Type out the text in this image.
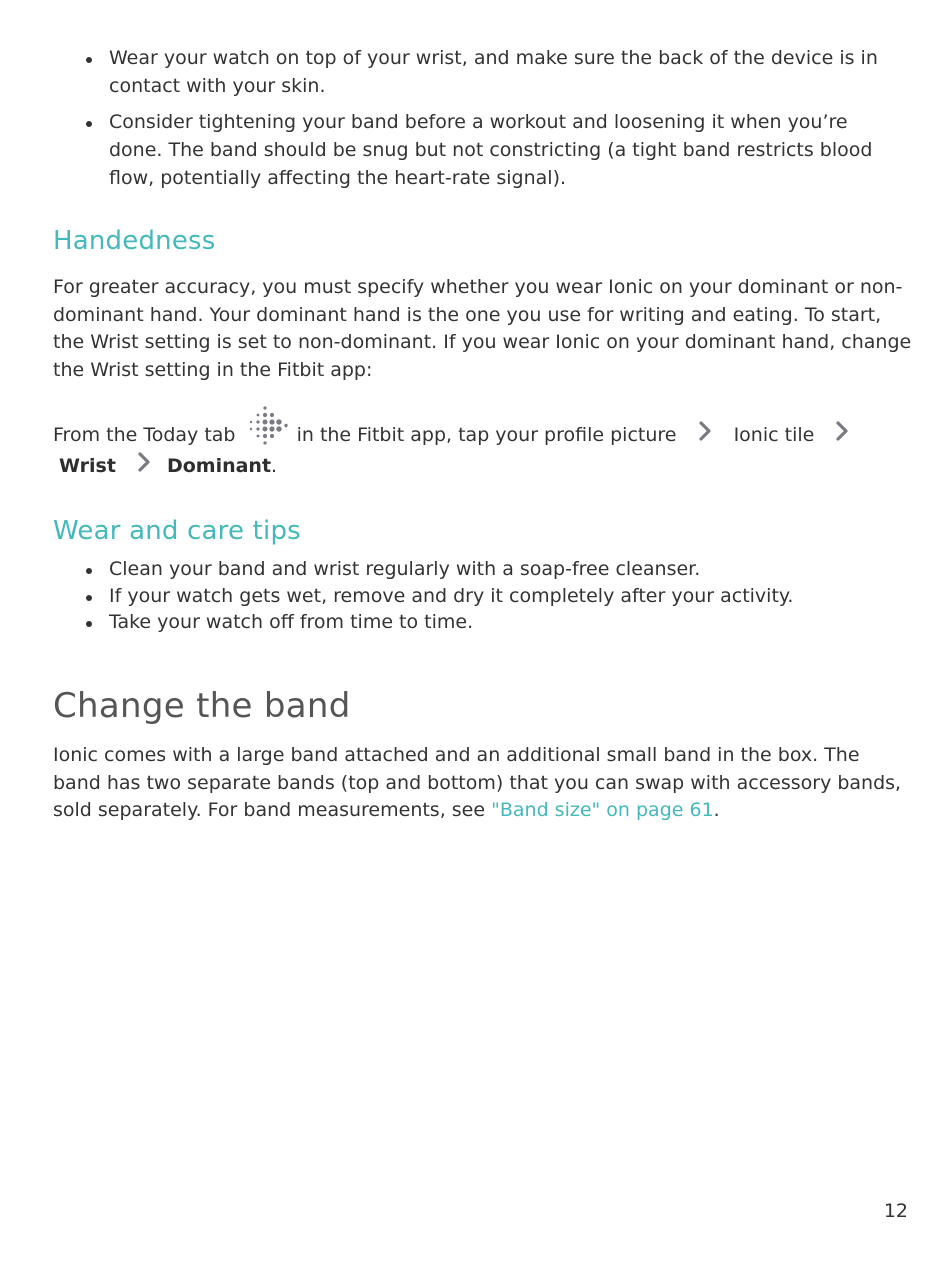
Wear your watch on top of your wrist, and make sure the back of the device is in contact with your skin.
Consider tightening your band before a workout and loosening it when you’re done. The band should be snug but not constricting (a tight band restricts blood flow, potentially affecting the heart-rate signal).
Handedness

For greater accuracy, you must specify whether you wear Ionic on your dominant or non-dominant hand. Your dominant hand is the one you use for writing and eating. To start, the Wrist setting is set to non-dominant. If you wear Ionic on your dominant hand, change the Wrist setting in the Fitbit app:

From the Today tab	in the Fitbit app, tap your profile picture	Ionic tile
Wrist	Dominant.
Wear and care tips
Clean your band and wrist regularly with a soap-free cleanser.
If your watch gets wet, remove and dry it completely after your activity.
Take your watch off from time to time.
Change the band

Ionic comes with a large band attached and an additional small band in the box. The band has two separate bands (top and bottom) that you can swap with accessory bands, sold separately. For band measurements, see "Band size" on page 61.

12
